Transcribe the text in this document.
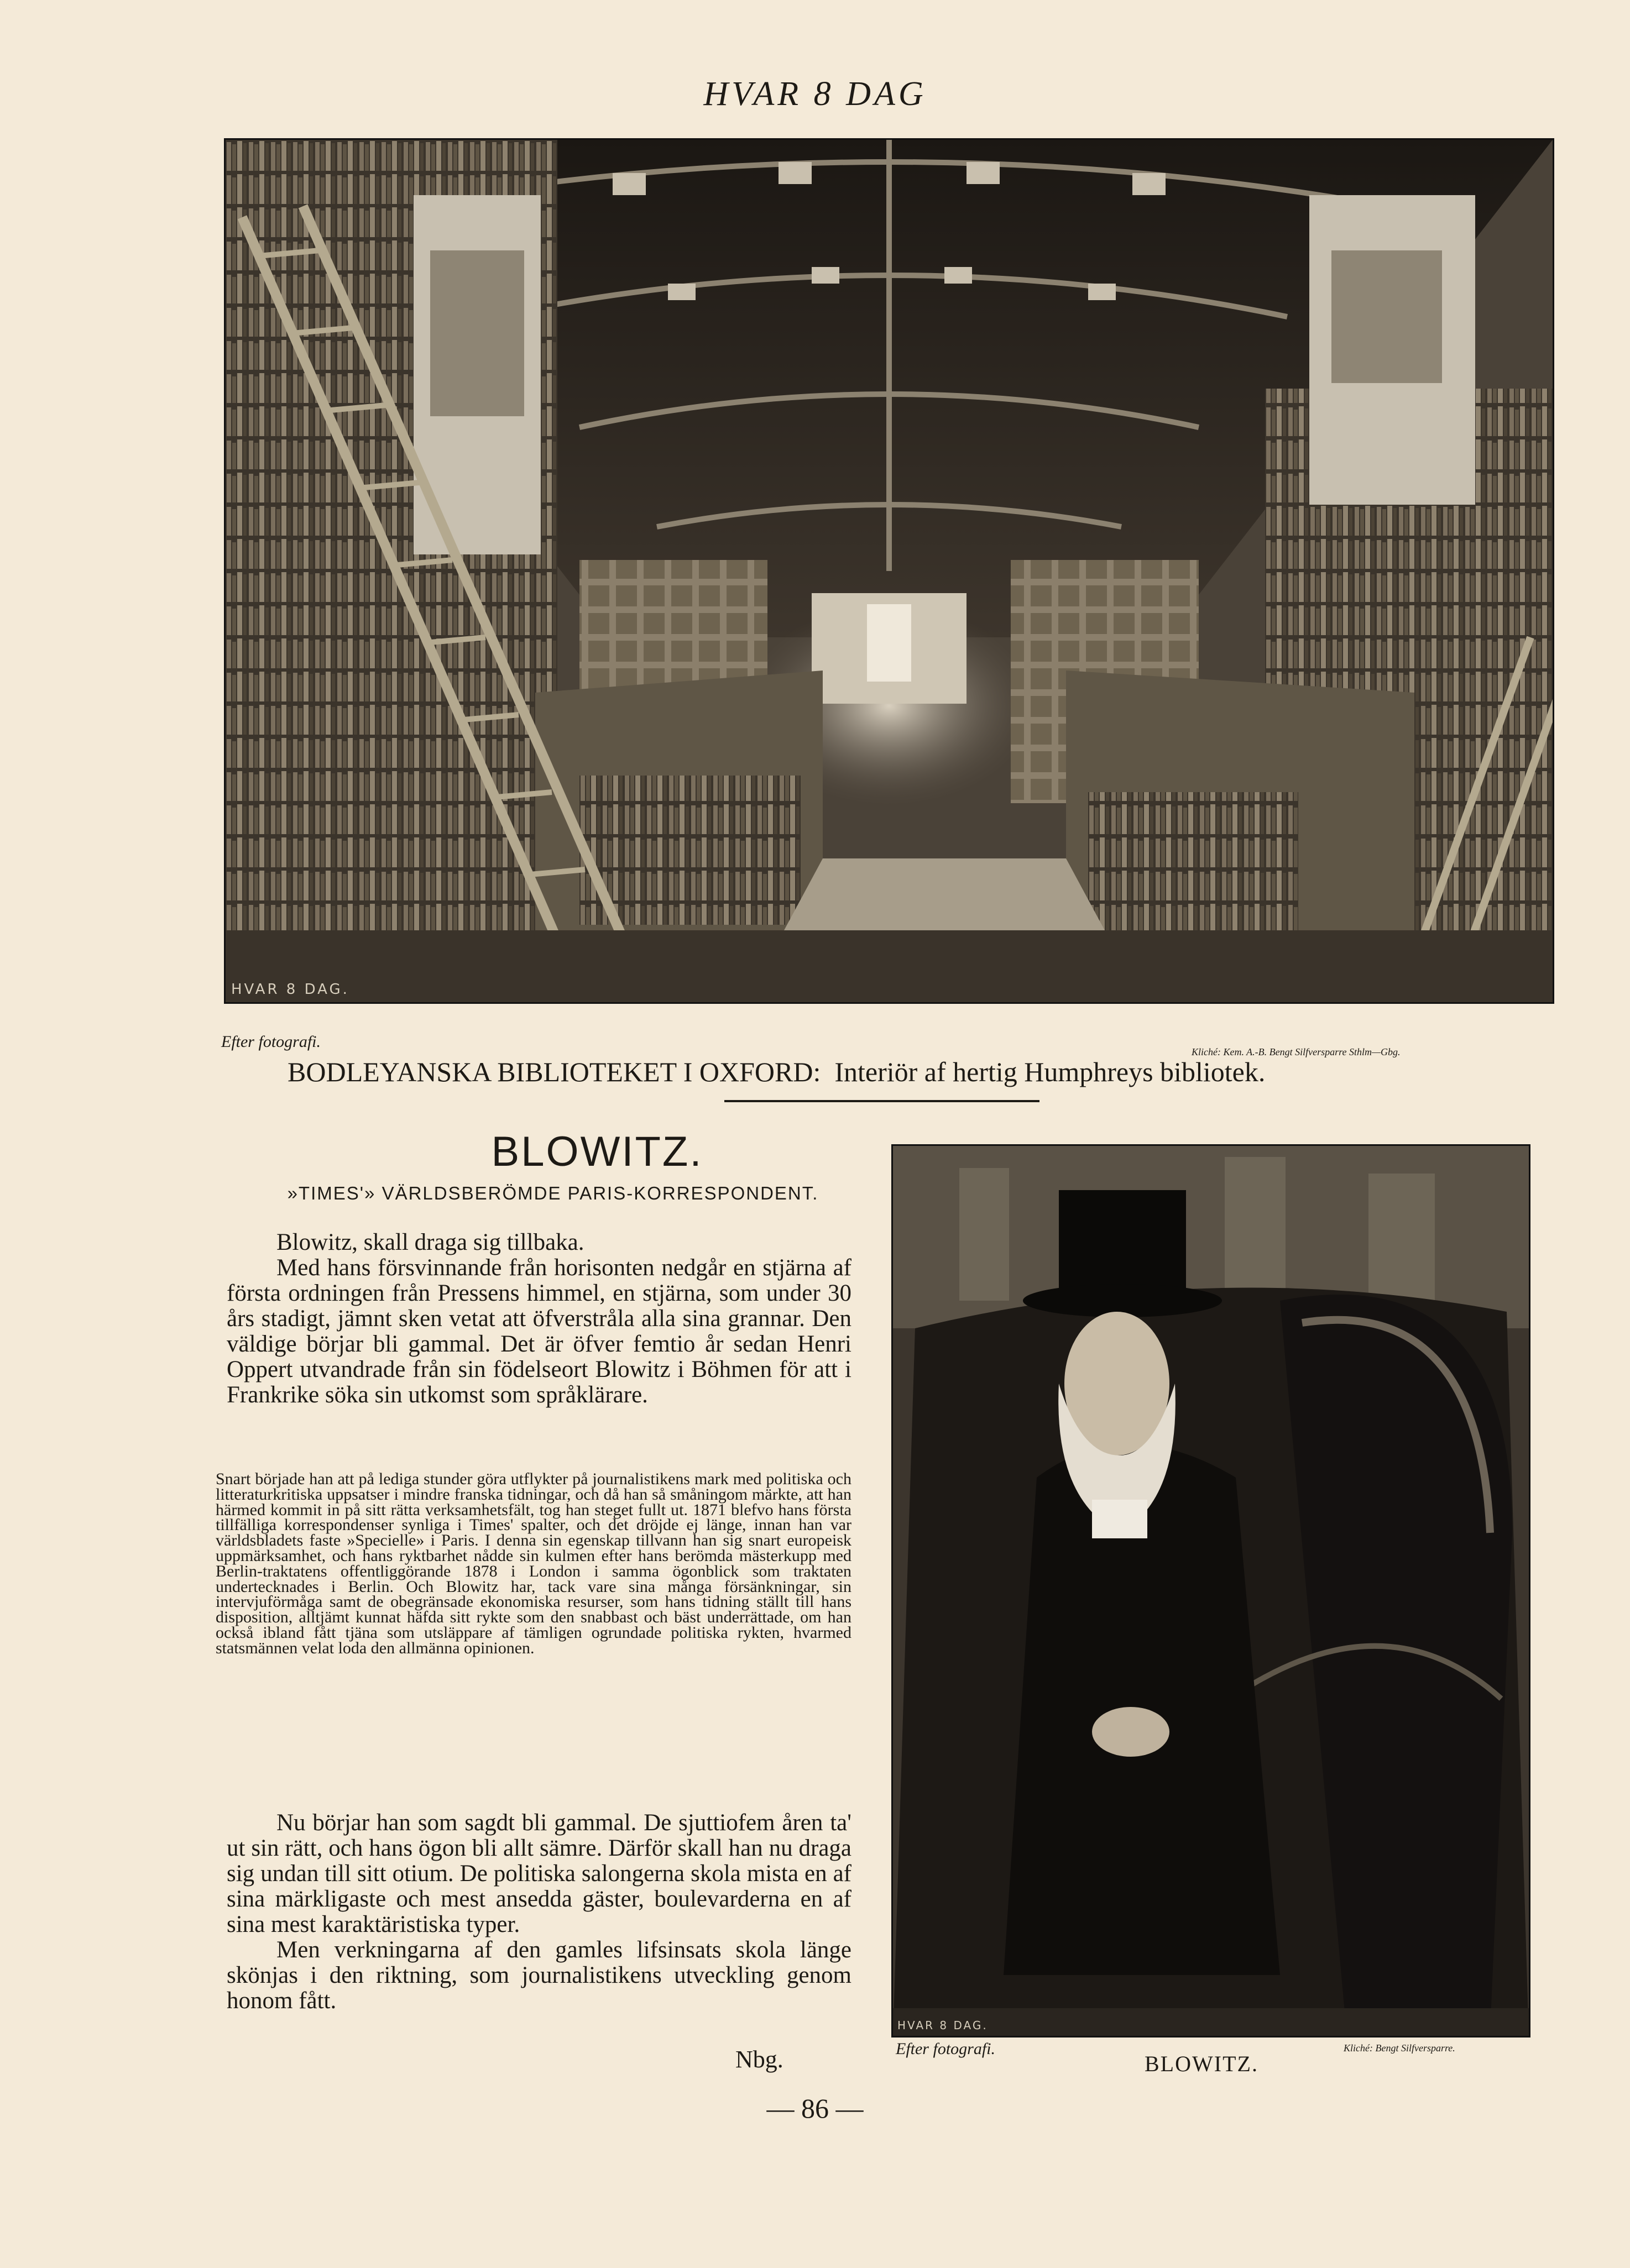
HVAR 8 DAG
HVAR 8 DAG.
Efter fotografi.
Kliché: Kem. A.-B. Bengt Silfversparre Sthlm—Gbg.
BODLEYANSKA BIBLIOTEKET I OXFORD: Interiör af hertig Humphreys bibliotek.
BLOWITZ.
»TIMES'» VÄRLDSBERÖMDE PARIS-KORRESPONDENT.
Blowitz, skall draga sig tillbaka.
Med hans försvinnande från horisonten nedgår en stjärna af första ordningen från Pressens himmel, en stjärna, som under 30 års stadigt, jämnt sken vetat att öfverstråla alla sina grannar. Den väldige börjar bli gammal. Det är öfver femtio år sedan Henri Oppert utvandrade från sin födelseort Blowitz i Böhmen för att i Frankrike söka sin utkomst som språklärare.

Snart började han att på lediga stunder göra utflykter på journalistikens mark med politiska och litteraturkritiska uppsatser i mindre franska tidningar, och då han så småningom märkte, att han härmed kommit in på sitt rätta verksamhetsfält, tog han steget fullt ut. 1871 blefvo hans första tillfälliga korrespondenser synliga i Times' spalter, och det dröjde ej länge, innan han var världsbladets faste »Specielle» i Paris. I denna sin egenskap tillvann han sig snart europeisk uppmärksamhet, och hans ryktbarhet nådde sin kulmen efter hans berömda mästerkupp med Berlin-traktatens offentliggörande 1878 i London i samma ögonblick som traktaten undertecknades i Berlin. Och Blowitz har, tack vare sina många försänkningar, sin intervjuförmåga samt de obegränsade ekonomiska resurser, som hans tidning ställt till hans disposition, alltjämt kunnat häfda sitt rykte som den snabbast och bäst underrättade, om han också ibland fått tjäna som utsläppare af tämligen ogrundade politiska rykten, hvarmed statsmännen velat loda den allmänna opinionen.

Nu börjar han som sagdt bli gammal. De sjuttiofem åren ta' ut sin rätt, och hans ögon bli allt sämre. Därför skall han nu draga sig undan till sitt otium. De politiska salongerna skola mista en af sina märkligaste och mest ansedda gäster, boulevarderna en af sina mest karaktäristiska typer.
Men verkningarna af den gamles lifsinsats skola länge skönjas i den riktning, som journalistikens utveckling genom honom fått.
Nbg.
HVAR 8 DAG.
Efter fotografi.	Kliché: Bengt Silfversparre.
BLOWITZ.
— 86 —
